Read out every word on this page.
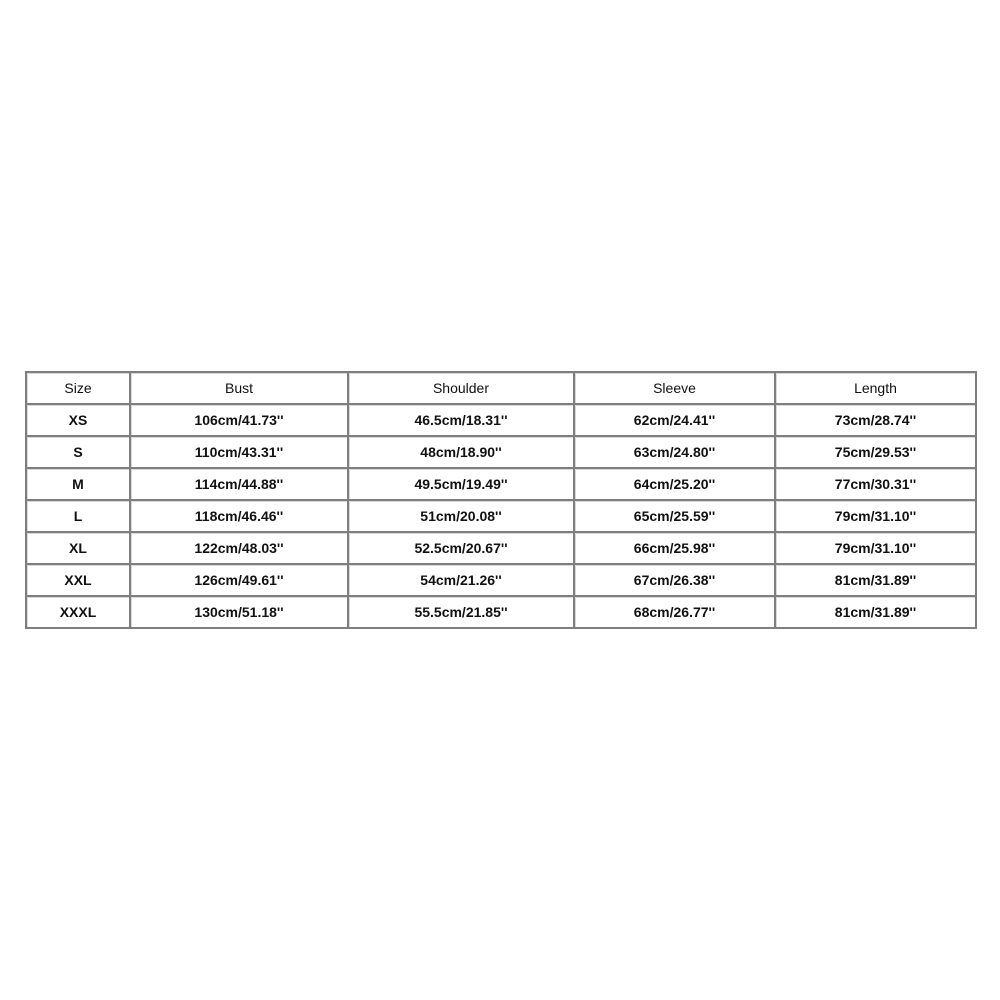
Size	Bust	Shoulder	Sleeve	Length
XS	106cm/41.73''	46.5cm/18.31''	62cm/24.41''	73cm/28.74''
S	110cm/43.31''	48cm/18.90''	63cm/24.80''	75cm/29.53''
M	114cm/44.88''	49.5cm/19.49''	64cm/25.20''	77cm/30.31''
L	118cm/46.46''	51cm/20.08''	65cm/25.59''	79cm/31.10''
XL	122cm/48.03''	52.5cm/20.67''	66cm/25.98''	79cm/31.10''
XXL	126cm/49.61''	54cm/21.26''	67cm/26.38''	81cm/31.89''
XXXL	130cm/51.18''	55.5cm/21.85''	68cm/26.77''	81cm/31.89''
